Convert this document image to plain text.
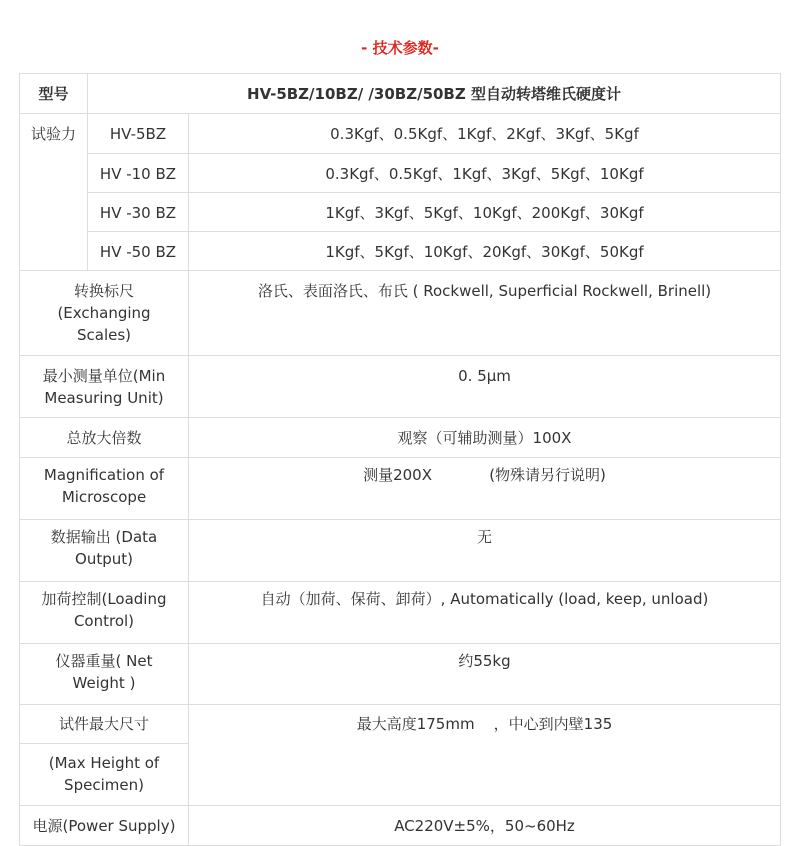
- 技术参数-
型号	HV-5BZ/10BZ/ /30BZ/50BZ 型自动转塔维氏硬度计	
试验力	HV-5BZ	0.3Kgf、0.5Kgf、1Kgf、2Kgf、3Kgf、5Kgf
	HV -10 BZ	0.3Kgf、0.5Kgf、1Kgf、3Kgf、5Kgf、10Kgf
	HV -30 BZ	1Kgf、3Kgf、5Kgf、10Kgf、200Kgf、30Kgf
	HV -50 BZ	1Kgf、5Kgf、10Kgf、20Kgf、30Kgf、50Kgf
转换标尺
(Exchanging
Scales)		洛氏、表面洛氏、布氏 ( Rockwell, Superficial Rockwell, Brinell)
最小测量单位(Min
Measuring Unit)		0. 5μm
总放大倍数		观察（可辅助测量）100X
Magnification of
Microscope		测量200X            (物殊请另行说明)
数据输出 (Data
Output)		无
加荷控制(Loading
Control)		自动（加荷、保荷、卸荷）, Automatically (load, keep, unload)
仪器重量( Net
Weight )		约55kg
试件最大尺寸		最大高度175mm    ，中心到内壁135
(Max Height of
Specimen)		
电源(Power Supply)		AC220V±5%，50~60Hz
